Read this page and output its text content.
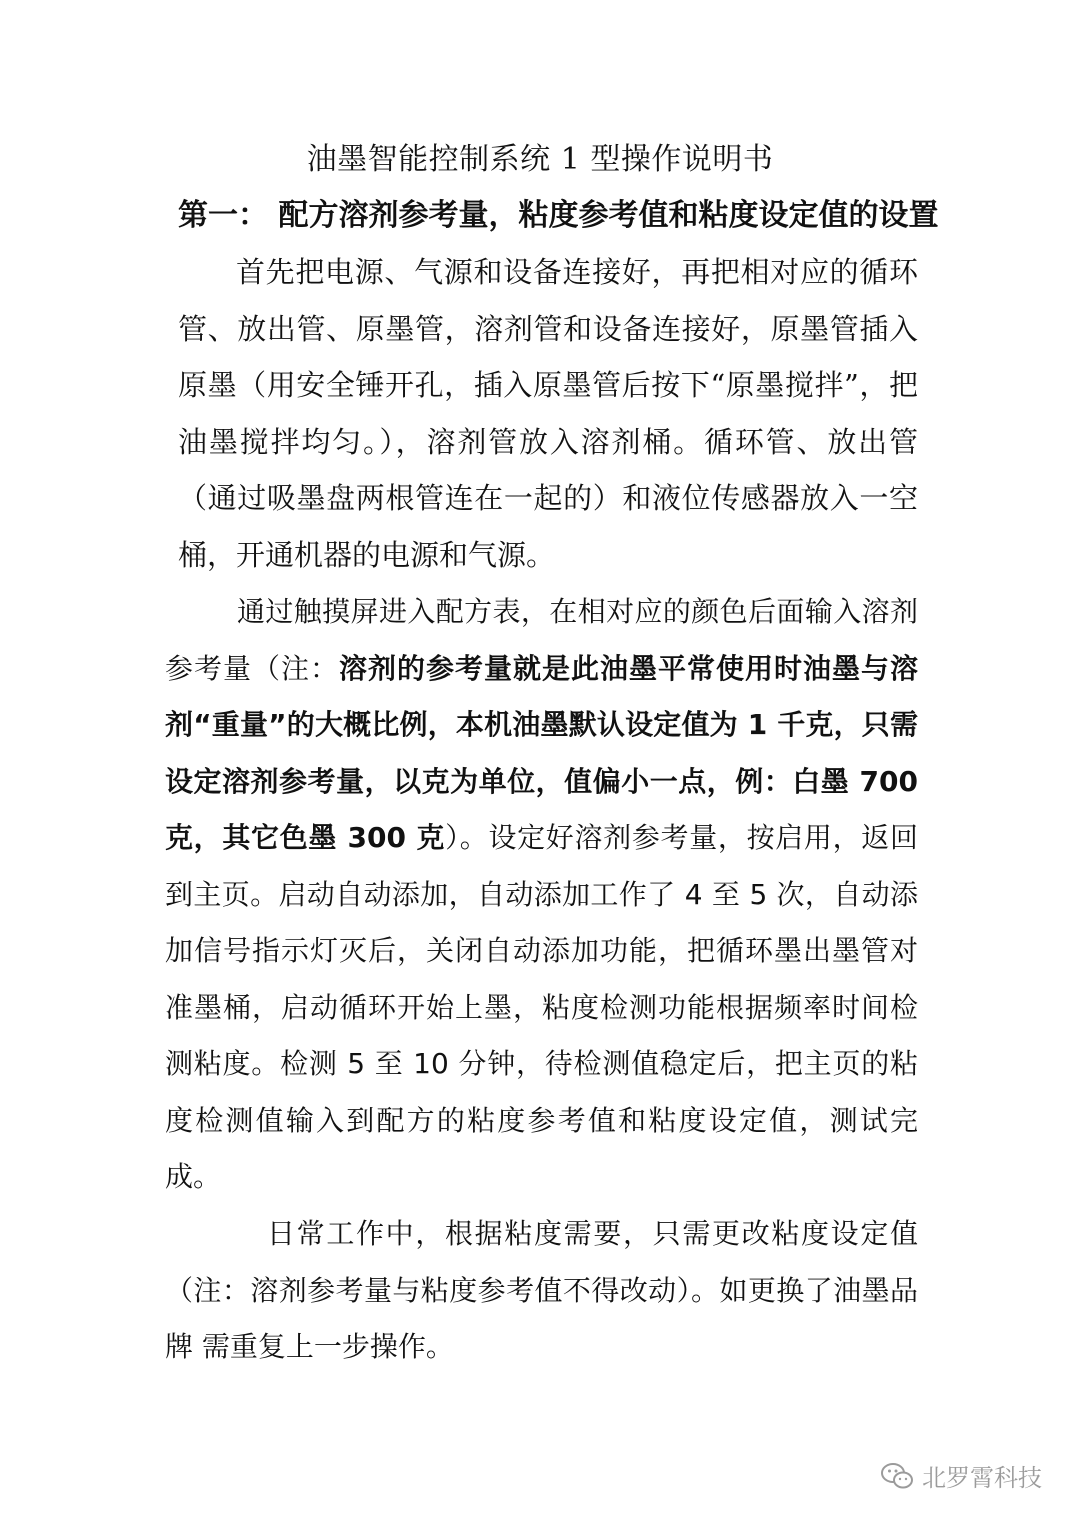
油墨智能控制系统 1 型操作说明书
第一： 配方溶剂参考量，粘度参考值和粘度设定值的设置
首先把电源、气源和设备连接好，再把相对应的循环管、放出管、原墨管，溶剂管和设备连接好，原墨管插入原墨（用安全锤开孔，插入原墨管后按下“原墨搅拌”，把油墨搅拌均匀。），溶剂管放入溶剂桶。循环管、放出管（通过吸墨盘两根管连在一起的）和液位传感器放入一空桶，开通机器的电源和气源。
通过触摸屏进入配方表，在相对应的颜色后面输入溶剂参考量（注：溶剂的参考量就是此油墨平常使用时油墨与溶剂“重量”的大概比例，本机油墨默认设定值为 1 千克，只需设定溶剂参考量，以克为单位，值偏小一点，例：白墨 700 克，其它色墨 300 克）。设定好溶剂参考量，按启用，返回到主页。启动自动添加，自动添加工作了 4 至 5 次，自动添加信号指示灯灭后，关闭自动添加功能，把循环墨出墨管对准墨桶，启动循环开始上墨，粘度检测功能根据频率时间检测粘度。检测 5 至 10 分钟，待检测值稳定后，把主页的粘度检测值输入到配方的粘度参考值和粘度设定值，测试完成。
日常工作中，根据粘度需要，只需更改粘度设定值（注：溶剂参考量与粘度参考值不得改动）。如更换了油墨品牌 需重复上一步操作。
北罗霄科技
